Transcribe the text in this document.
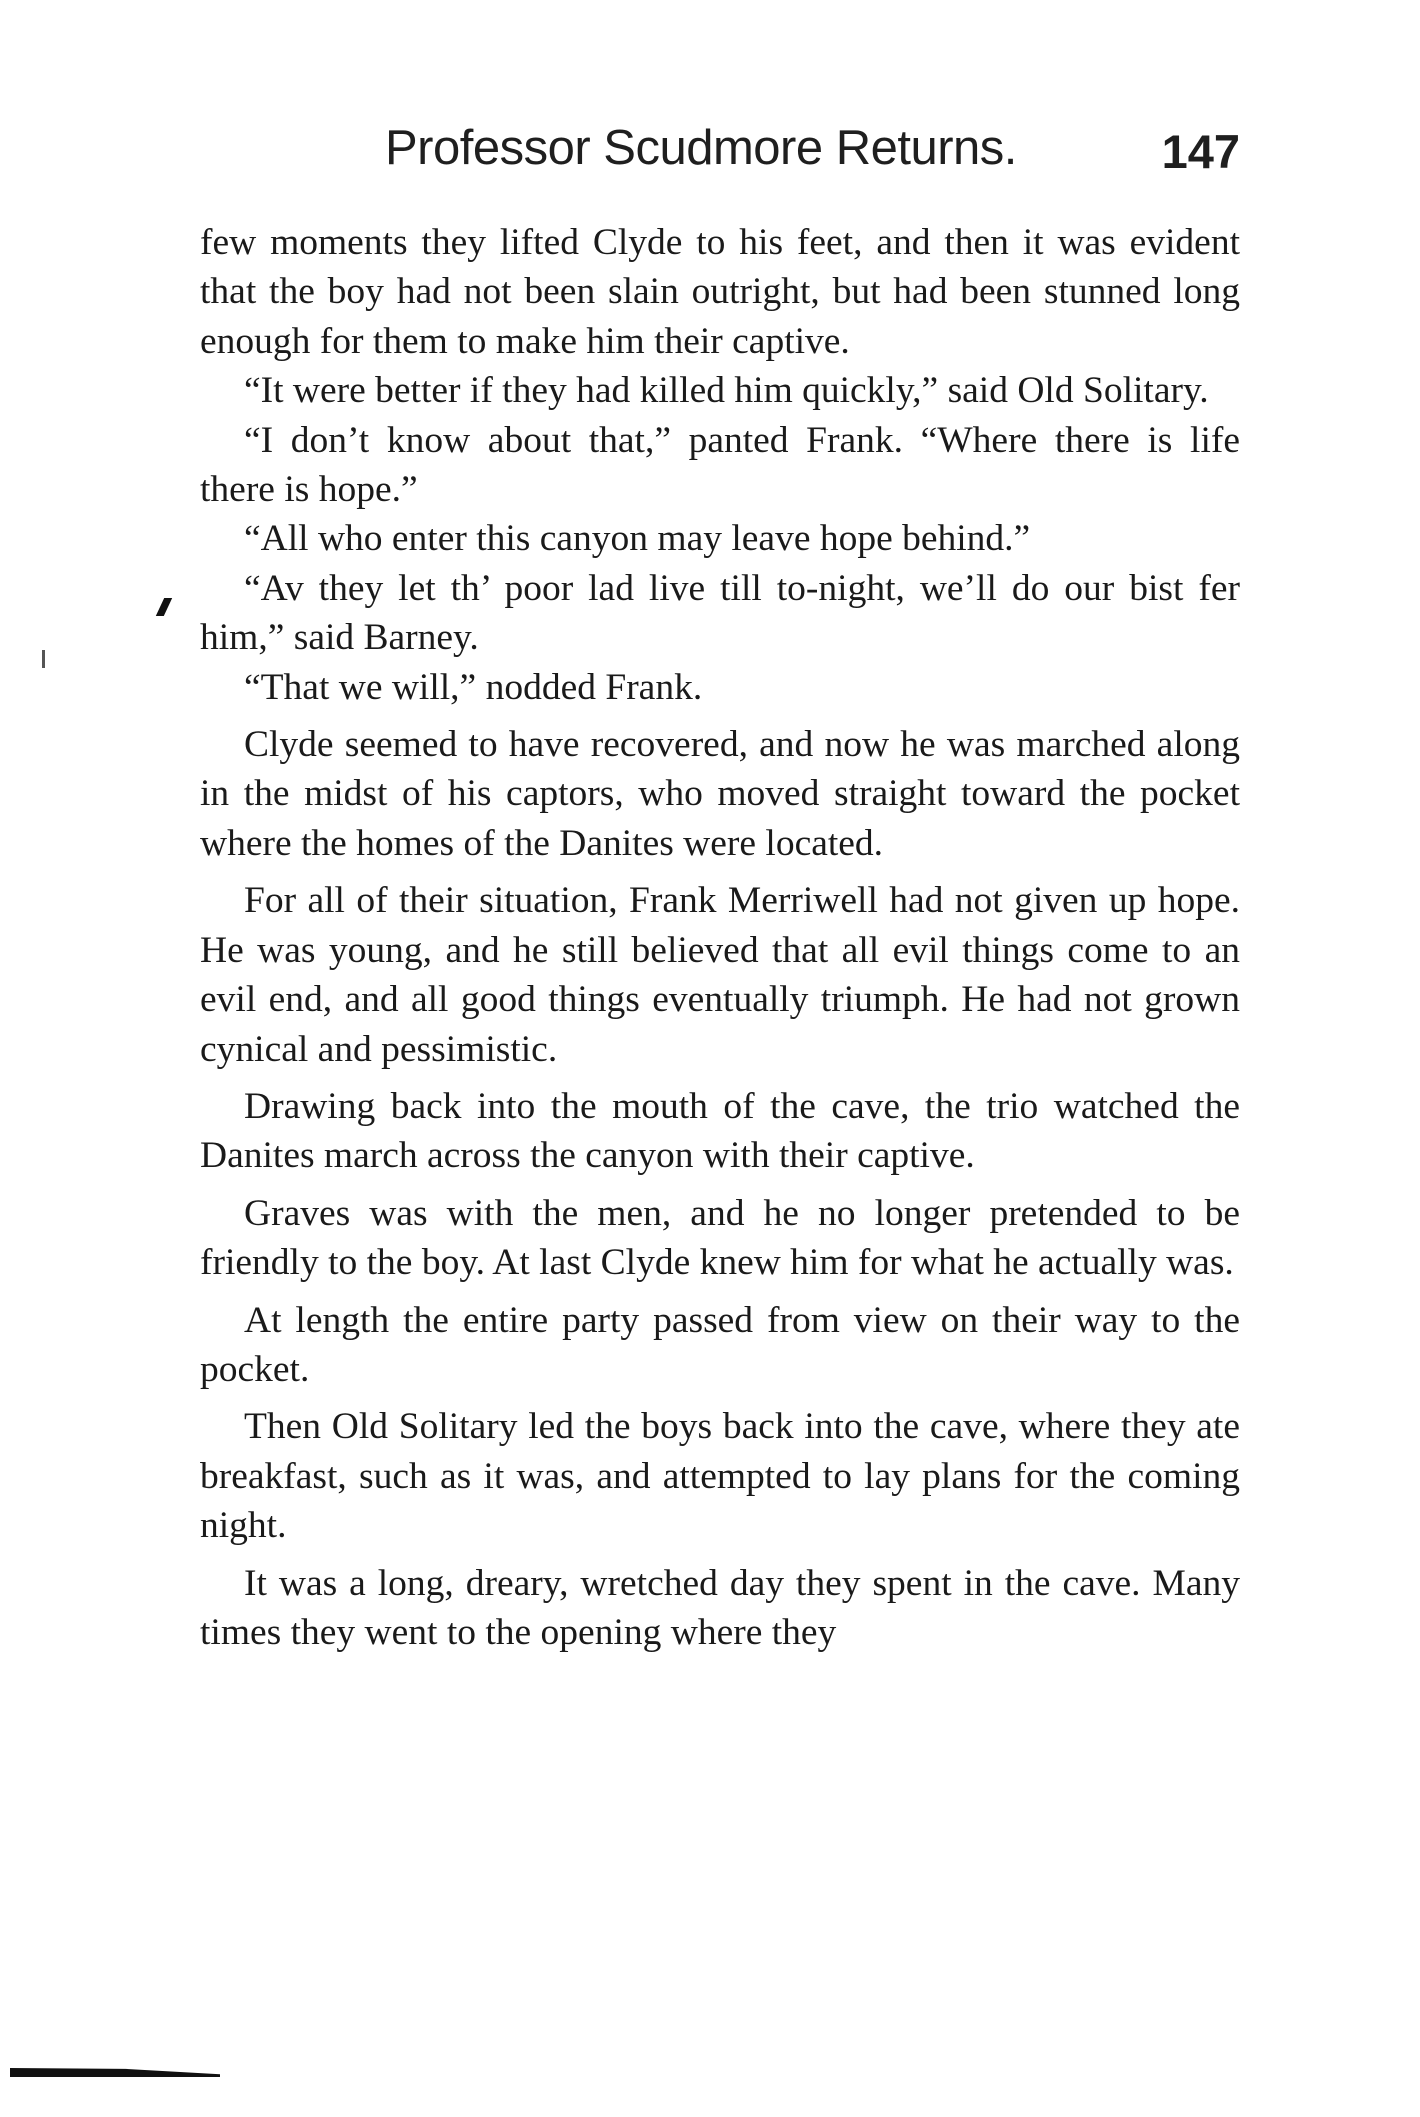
Professor Scudmore Returns.	147

few moments they lifted Clyde to his feet, and then it was evident that the boy had not been slain outright, but had been stunned long enough for them to make him their captive.

“It were better if they had killed him quickly,” said Old Solitary.

“I don’t know about that,” panted Frank. “Where there is life there is hope.”

“All who enter this canyon may leave hope behind.”

“Av they let th’ poor lad live till to-night, we’ll do our bist fer him,” said Barney.

“That we will,” nodded Frank.

Clyde seemed to have recovered, and now he was marched along in the midst of his captors, who moved straight toward the pocket where the homes of the Danites were located.

For all of their situation, Frank Merriwell had not given up hope. He was young, and he still believed that all evil things come to an evil end, and all good things eventually triumph. He had not grown cynical and pessimistic.

Drawing back into the mouth of the cave, the trio watched the Danites march across the canyon with their captive.

Graves was with the men, and he no longer pretended to be friendly to the boy. At last Clyde knew him for what he actually was.

At length the entire party passed from view on their way to the pocket.

Then Old Solitary led the boys back into the cave, where they ate breakfast, such as it was, and attempted to lay plans for the coming night.

It was a long, dreary, wretched day they spent in the cave. Many times they went to the opening where they
